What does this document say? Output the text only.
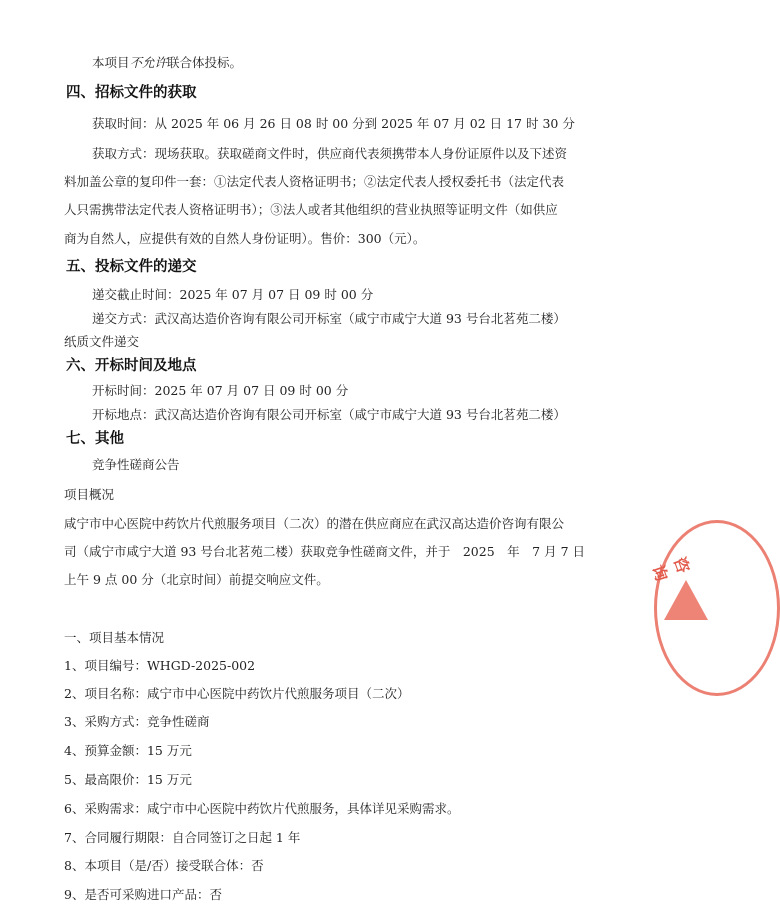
本项目不允许联合体投标。
四、招标文件的获取
获取时间：从 2025 年 06 月 26 日 08 时 00 分到 2025 年 07 月 02 日 17 时 30 分
获取方式：现场获取。获取磋商文件时，供应商代表须携带本人身份证原件以及下述资
料加盖公章的复印件一套：①法定代表人资格证明书；②法定代表人授权委托书（法定代表
人只需携带法定代表人资格证明书）；③法人或者其他组织的营业执照等证明文件（如供应
商为自然人，应提供有效的自然人身份证明）。售价：300（元）。
五、投标文件的递交
递交截止时间：2025 年 07 月 07 日 09 时 00 分
递交方式：武汉高达造价咨询有限公司开标室（咸宁市咸宁大道 93 号台北茗苑二楼）
纸质文件递交
六、开标时间及地点
开标时间：2025 年 07 月 07 日 09 时 00 分
开标地点：武汉高达造价咨询有限公司开标室（咸宁市咸宁大道 93 号台北茗苑二楼）
七、其他
竞争性磋商公告
项目概况
咸宁市中心医院中药饮片代煎服务项目（二次）的潜在供应商应在武汉高达造价咨询有限公
司（咸宁市咸宁大道 93 号台北茗苑二楼）获取竞争性磋商文件，并于　2025　年　7 月 7 日
上午 9 点 00 分（北京时间）前提交响应文件。
一、项目基本情况
1、项目编号：WHGD-2025-002
2、项目名称：咸宁市中心医院中药饮片代煎服务项目（二次）
3、采购方式：竞争性磋商
4、预算金额：15 万元
5、最高限价：15 万元
6、采购需求：咸宁市中心医院中药饮片代煎服务，具体详见采购需求。
7、合同履行期限：自合同签订之日起 1 年
8、本项目（是/否）接受联合体：否
9、是否可采购进口产品：否
咨询
